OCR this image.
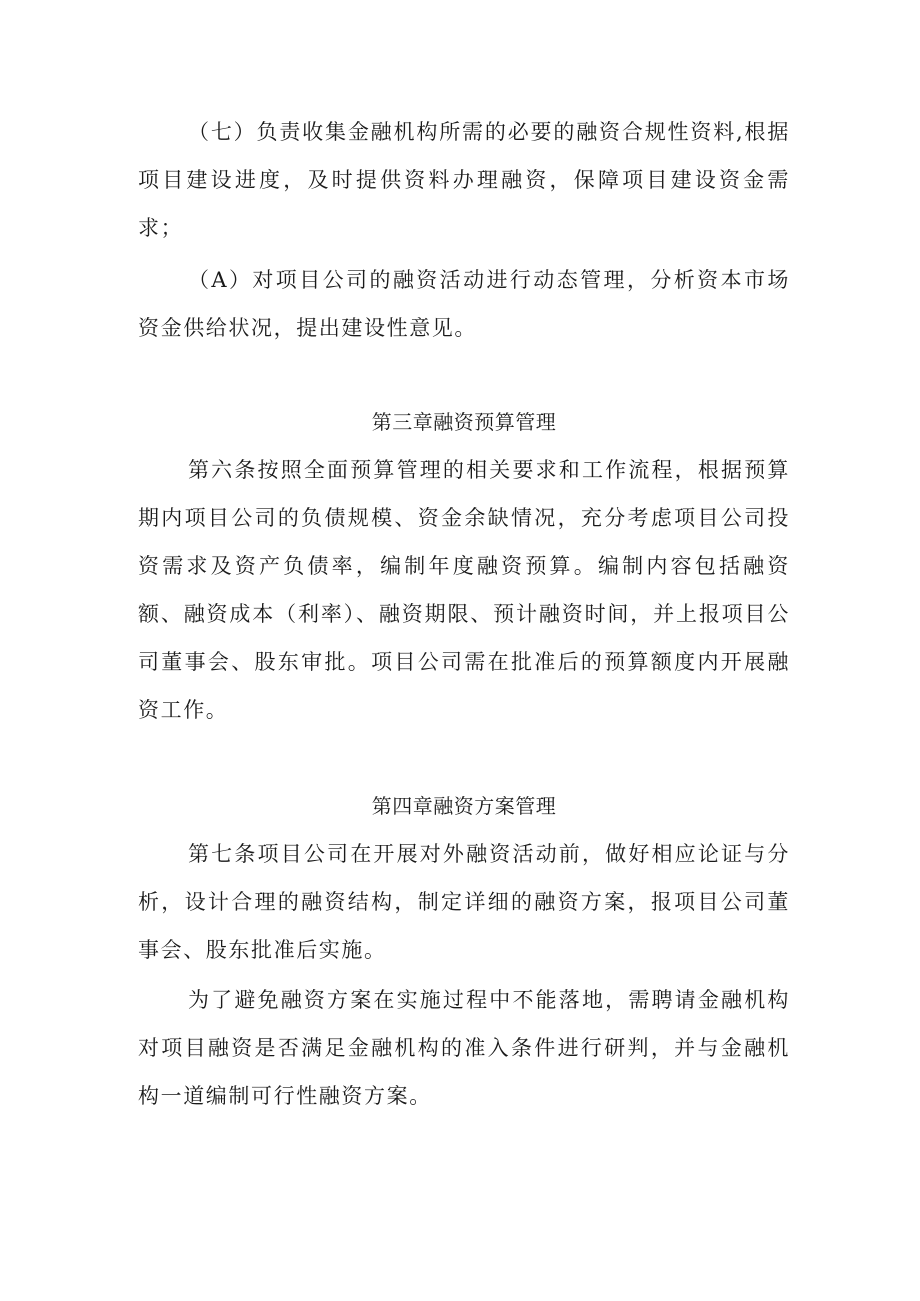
（七）负责收集金融机构所需的必要的融资合规性资料,根据项目建设进度，及时提供资料办理融资，保障项目建设资金需求；

（A）对项目公司的融资活动进行动态管理，分析资本市场资金供给状况，提出建设性意见。

第三章融资预算管理

第六条按照全面预算管理的相关要求和工作流程，根据预算期内项目公司的负债规模、资金余缺情况，充分考虑项目公司投资需求及资产负债率，编制年度融资预算。编制内容包括融资额、融资成本（利率）、融资期限、预计融资时间，并上报项目公司董事会、股东审批。项目公司需在批准后的预算额度内开展融资工作。

第四章融资方案管理

第七条项目公司在开展对外融资活动前，做好相应论证与分析，设计合理的融资结构，制定详细的融资方案，报项目公司董事会、股东批准后实施。

为了避免融资方案在实施过程中不能落地，需聘请金融机构对项目融资是否满足金融机构的准入条件进行研判，并与金融机构一道编制可行性融资方案。
